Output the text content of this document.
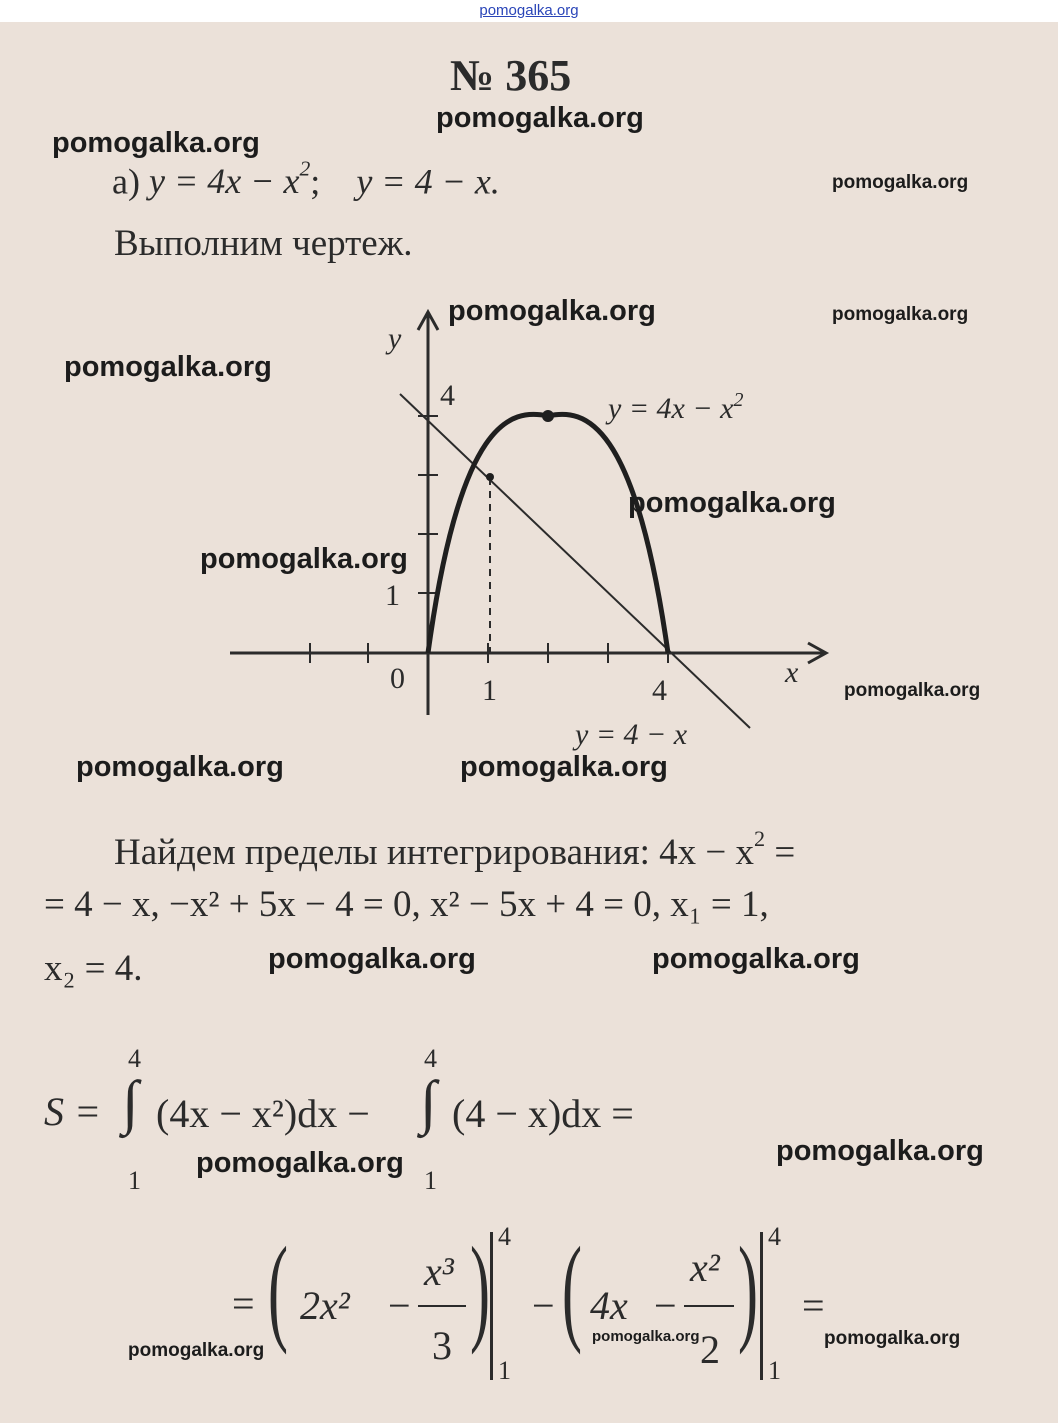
pomogalka.org
№ 365
а) $y = 4x - x^2$; y = 4 − x.
Выполним чертеж.
y
x
4
1
0	1	4
$y = 4x - x^2$
y = 4 − x
Найдем пределы интегрирования: $4x - x^2$ =
= 4 − x, −x² + 5x − 4 = 0, x² − 5x + 4 = 0, x₁ = 1,
x₂ = 4.
S = ∫
4
1
(4x − x²)dx − ∫
4
1
(4 − x)dx =
= ( 2x² −
x³
3 ) 4
1
− ( 4x −
x²
2 ) 4
1
=
pomogalka.org
pomogalka.org
pomogalka.org
pomogalka.org	pomogalka.org
pomogalka.org
pomogalka.org
pomogalka.org
pomogalka.org
pomogalka.org	pomogalka.org
pomogalka.org	pomogalka.org
pomogalka.org
pomogalka.org
pomogalka.org
pomogalka.org
pomogalka.org
